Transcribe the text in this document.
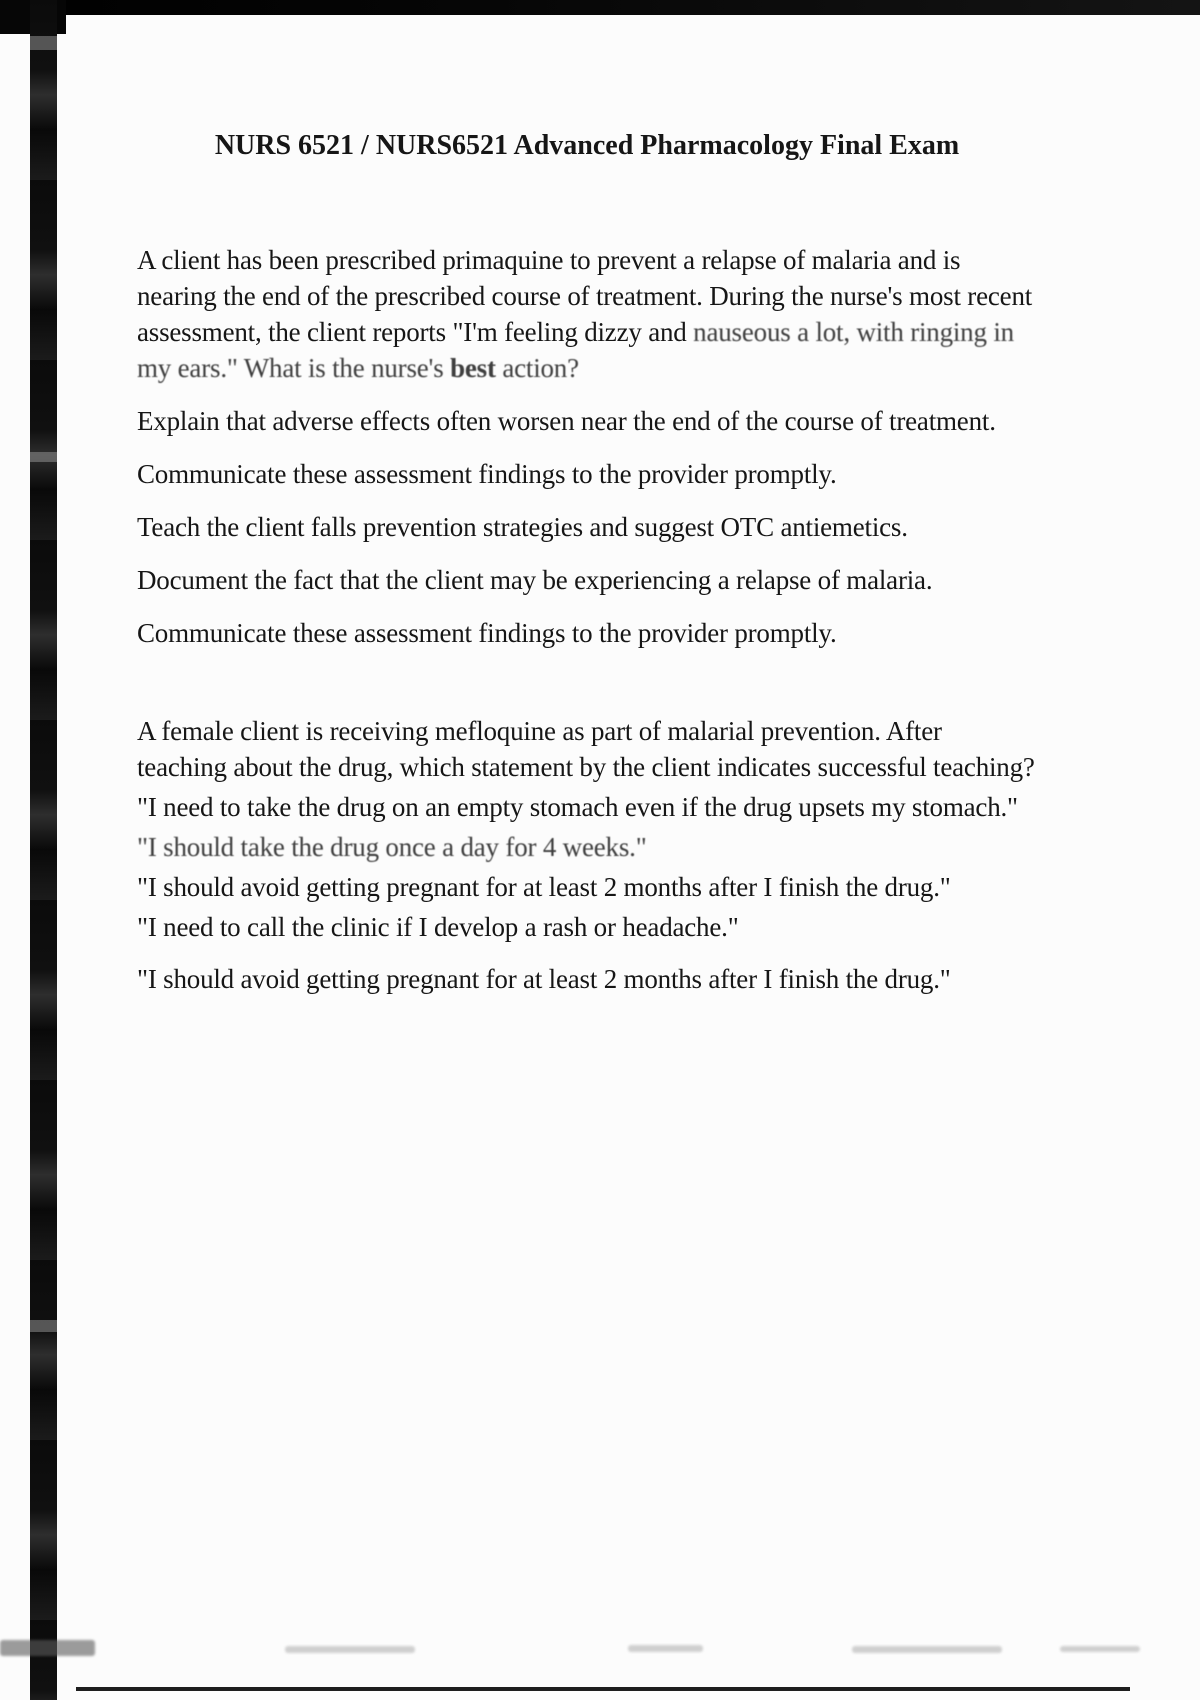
NURS 6521 / NURS6521 Advanced Pharmacology Final Exam

A client has been prescribed primaquine to prevent a relapse of malaria and is nearing the end of the prescribed course of treatment. During the nurse's most recent assessment, the client reports "I'm feeling dizzy and nauseous a lot, with ringing in my ears." What is the nurse's best action?

Explain that adverse effects often worsen near the end of the course of treatment.

Communicate these assessment findings to the provider promptly.

Teach the client falls prevention strategies and suggest OTC antiemetics.

Document the fact that the client may be experiencing a relapse of malaria.

Communicate these assessment findings to the provider promptly.

A female client is receiving mefloquine as part of malarial prevention. After teaching about the drug, which statement by the client indicates successful teaching?

"I need to take the drug on an empty stomach even if the drug upsets my stomach."

"I should take the drug once a day for 4 weeks."

"I should avoid getting pregnant for at least 2 months after I finish the drug."

"I need to call the clinic if I develop a rash or headache."

"I should avoid getting pregnant for at least 2 months after I finish the drug."
